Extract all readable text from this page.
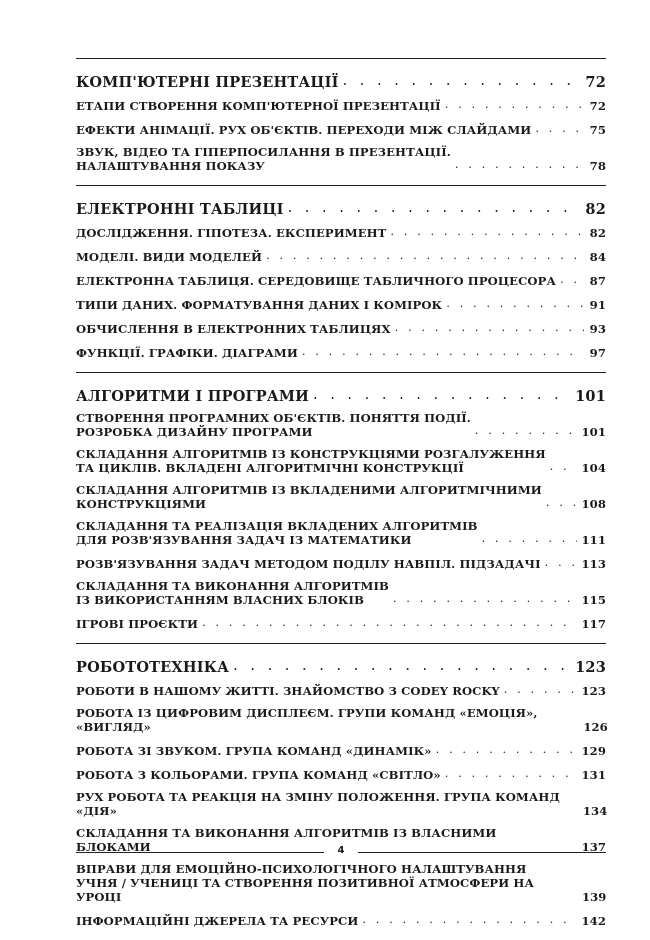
КОМП'ЮТЕРНІ ПРЕЗЕНТАЦІЇ . . .	72
ЕТАПИ СТВОРЕННЯ КОМП'ЮТЕРНОЇ ПРЕЗЕНТАЦІЇ . . .	72
ЕФЕКТИ АНІМАЦІЇ. РУХ ОБ'ЄКТІВ. ПЕРЕХОДИ МІЖ СЛАЙДАМИ . . .	75
ЗВУК, ВІДЕО ТА ГІПЕРПОСИЛАННЯ В ПРЕЗЕНТАЦІЇ.
НАЛАШТУВАННЯ ПОКАЗУ . . .	78
ЕЛЕКТРОННІ ТАБЛИЦІ . . .	82
ДОСЛІДЖЕННЯ. ГІПОТЕЗА. ЕКСПЕРИМЕНТ . . .	82
МОДЕЛІ. ВИДИ МОДЕЛЕЙ . . .	84
ЕЛЕКТРОННА ТАБЛИЦЯ. СЕРЕДОВИЩЕ ТАБЛИЧНОГО ПРОЦЕСОРА . . .	87
ТИПИ ДАНИХ. ФОРМАТУВАННЯ ДАНИХ І КОМІРОК . . .	91
ОБЧИСЛЕННЯ В ЕЛЕКТРОННИХ ТАБЛИЦЯХ . . .	93
ФУНКЦІЇ. ГРАФІКИ. ДІАГРАМИ . . .	97
АЛГОРИТМИ І ПРОГРАМИ . . .	101
СТВОРЕННЯ ПРОГРАМНИХ ОБ'ЄКТІВ. ПОНЯТТЯ ПОДІЇ.
РОЗРОБКА ДИЗАЙНУ ПРОГРАМИ . . .	101
СКЛАДАННЯ АЛГОРИТМІВ ІЗ КОНСТРУКЦІЯМИ РОЗГАЛУЖЕННЯ
ТА ЦИКЛІВ. ВКЛАДЕНІ АЛГОРИТМІЧНІ КОНСТРУКЦІЇ . . .	104
СКЛАДАННЯ АЛГОРИТМІВ ІЗ ВКЛАДЕНИМИ АЛГОРИТМІЧНИМИ
КОНСТРУКЦІЯМИ . . .	108
СКЛАДАННЯ ТА РЕАЛІЗАЦІЯ ВКЛАДЕНИХ АЛГОРИТМІВ
ДЛЯ РОЗВ'ЯЗУВАННЯ ЗАДАЧ ІЗ МАТЕМАТИКИ . . .	111
РОЗВ'ЯЗУВАННЯ ЗАДАЧ МЕТОДОМ ПОДІЛУ НАВПІЛ. ПІДЗАДАЧІ . . .	113
СКЛАДАННЯ ТА ВИКОНАННЯ АЛГОРИТМІВ
ІЗ ВИКОРИСТАННЯМ ВЛАСНИХ БЛОКІВ . . .	115
ІГРОВІ ПРОЄКТИ . . .	117
РОБОТОТЕХНІКА . . .	123
РОБОТИ В НАШОМУ ЖИТТІ. ЗНАЙОМСТВО З CODEY ROCKY . . .	123
РОБОТА ІЗ ЦИФРОВИМ ДИСПЛЕЄМ. ГРУПИ КОМАНД «ЕМОЦІЯ», «ВИГЛЯД»	126
РОБОТА ЗІ ЗВУКОМ. ГРУПА КОМАНД «ДИНАМІК» . . .	129
РОБОТА З КОЛЬОРАМИ. ГРУПА КОМАНД «СВІТЛО» . . .	131
РУХ РОБОТА ТА РЕАКЦІЯ НА ЗМІНУ ПОЛОЖЕННЯ. ГРУПА КОМАНД «ДІЯ»	134
СКЛАДАННЯ ТА ВИКОНАННЯ АЛГОРИТМІВ ІЗ ВЛАСНИМИ БЛОКАМИ	137
ВПРАВИ ДЛЯ ЕМОЦІЙНО-ПСИХОЛОГІЧНОГО НАЛАШТУВАННЯ
УЧНЯ / УЧЕНИЦІ ТА СТВОРЕННЯ ПОЗИТИВНОЇ АТМОСФЕРИ НА УРОЦІ	139
ІНФОРМАЦІЙНІ ДЖЕРЕЛА ТА РЕСУРСИ . . .	142
4
